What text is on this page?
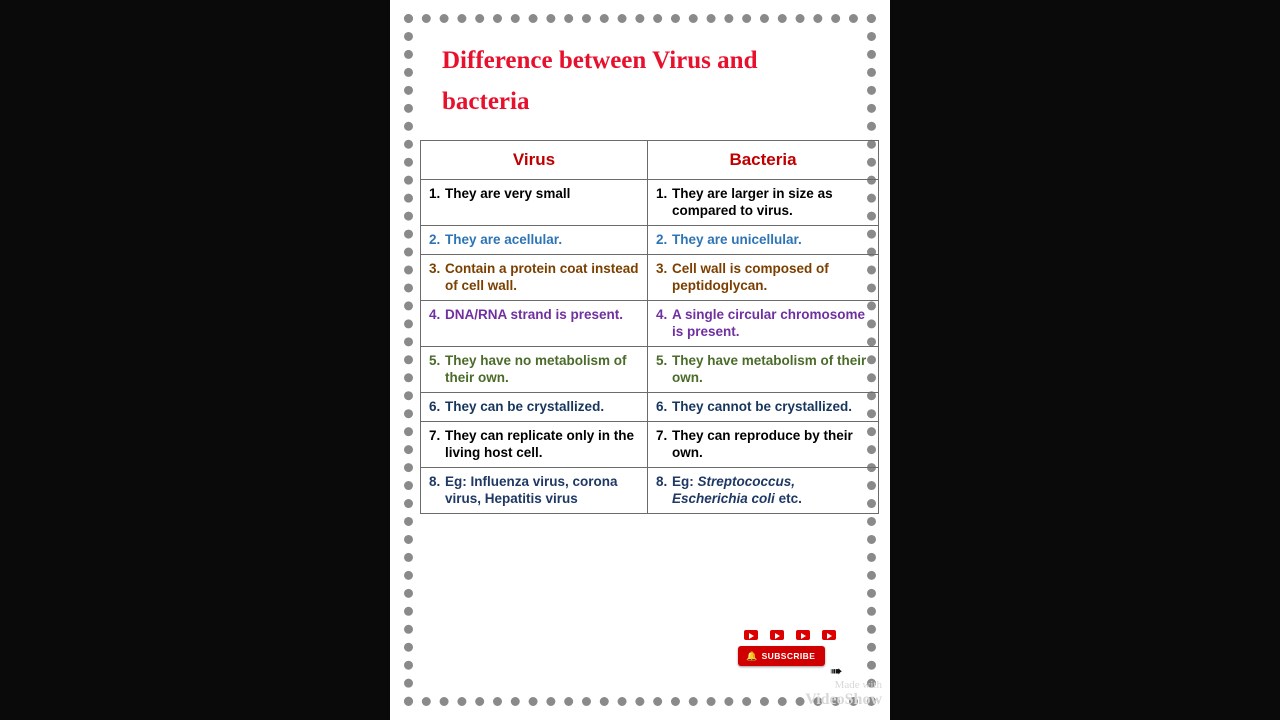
Difference between Virus and bacteria
Virus	Bacteria

1. They are very small	1. They are larger in size as compared to virus.

2. They are acellular.	2. They are unicellular.

3. Contain a protein coat instead of cell wall.	3. Cell wall is composed of peptidoglycan.

4. DNA/RNA strand is present.	4. A single circular chromosome is present.

5. They have no metabolism of their own.	5. They have metabolism of their own.

6. They can be crystallized.	6. They cannot be crystallized.

7. They can replicate only in the living host cell.	7. They can reproduce by their own.

8. Eg: Influenza virus, corona virus, Hepatitis virus	8. Eg: Streptococcus, Escherichia coli etc.
🔔 SUBSCRIBE
➠
Made with
VideoShow
